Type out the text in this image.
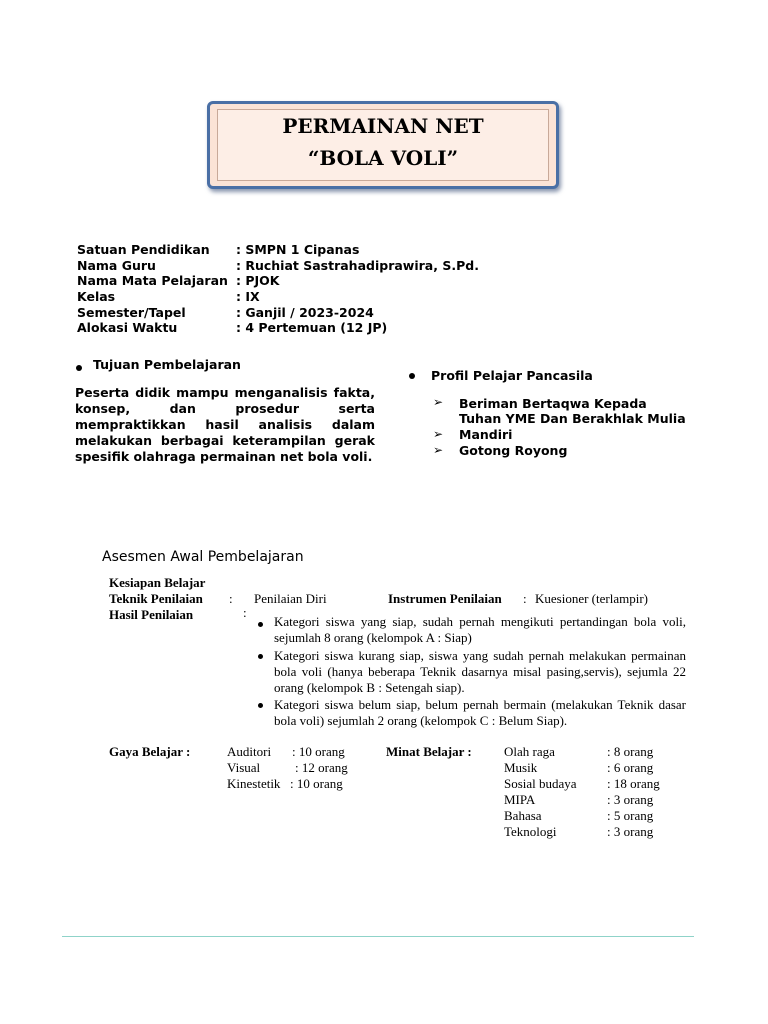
PERMAINAN NET
“BOLA VOLI”
Satuan Pendidikan : SMPN 1 Cipanas
Nama Guru	: Ruchiat Sastrahadiprawira, S.Pd.
Nama Mata Pelajaran : PJOK
Kelas	: IX
Semester/Tapel	: Ganjil / 2023-2024
Alokasi Waktu	: 4 Pertemuan (12 JP)
Tujuan Pembelajaran
Peserta didik mampu menganalisis fakta, konsep, dan prosedur serta mempraktikkan hasil analisis dalam melakukan berbagai keterampilan gerak spesifik olahraga permainan net bola voli.
Profil Pelajar Pancasila
➢ Beriman Bertaqwa Kepada
Tuhan YME Dan Berakhlak Mulia
➢ Mandiri
➢ Gotong Royong
Asesmen Awal Pembelajaran
Kesiapan Belajar
Teknik Penilaian : Penilaian Diri	Instrumen Penilaian : Kuesioner (terlampir)
Hasil Penilaian	:
Kategori siswa yang siap, sudah pernah mengikuti pertandingan bola voli, sejumlah 8 orang (kelompok A : Siap)
Kategori siswa kurang siap, siswa yang sudah pernah melakukan permainan bola voli (hanya beberapa Teknik dasarnya misal pasing,servis), sejumla 22 orang (kelompok B : Setengah siap).
Kategori siswa belum siap, belum pernah bermain (melakukan Teknik dasar bola voli) sejumlah 2 orang (kelompok C : Belum Siap).
Gaya Belajar :	Auditori : 10 orang
Visual	: 12 orang
Kinestetik : 10 orang
Minat Belajar : Olah raga	: 8 orang
Musik	: 6 orang
Sosial budaya : 18 orang
MIPA	: 3 orang
Bahasa	: 5 orang
Teknologi	: 3 orang
